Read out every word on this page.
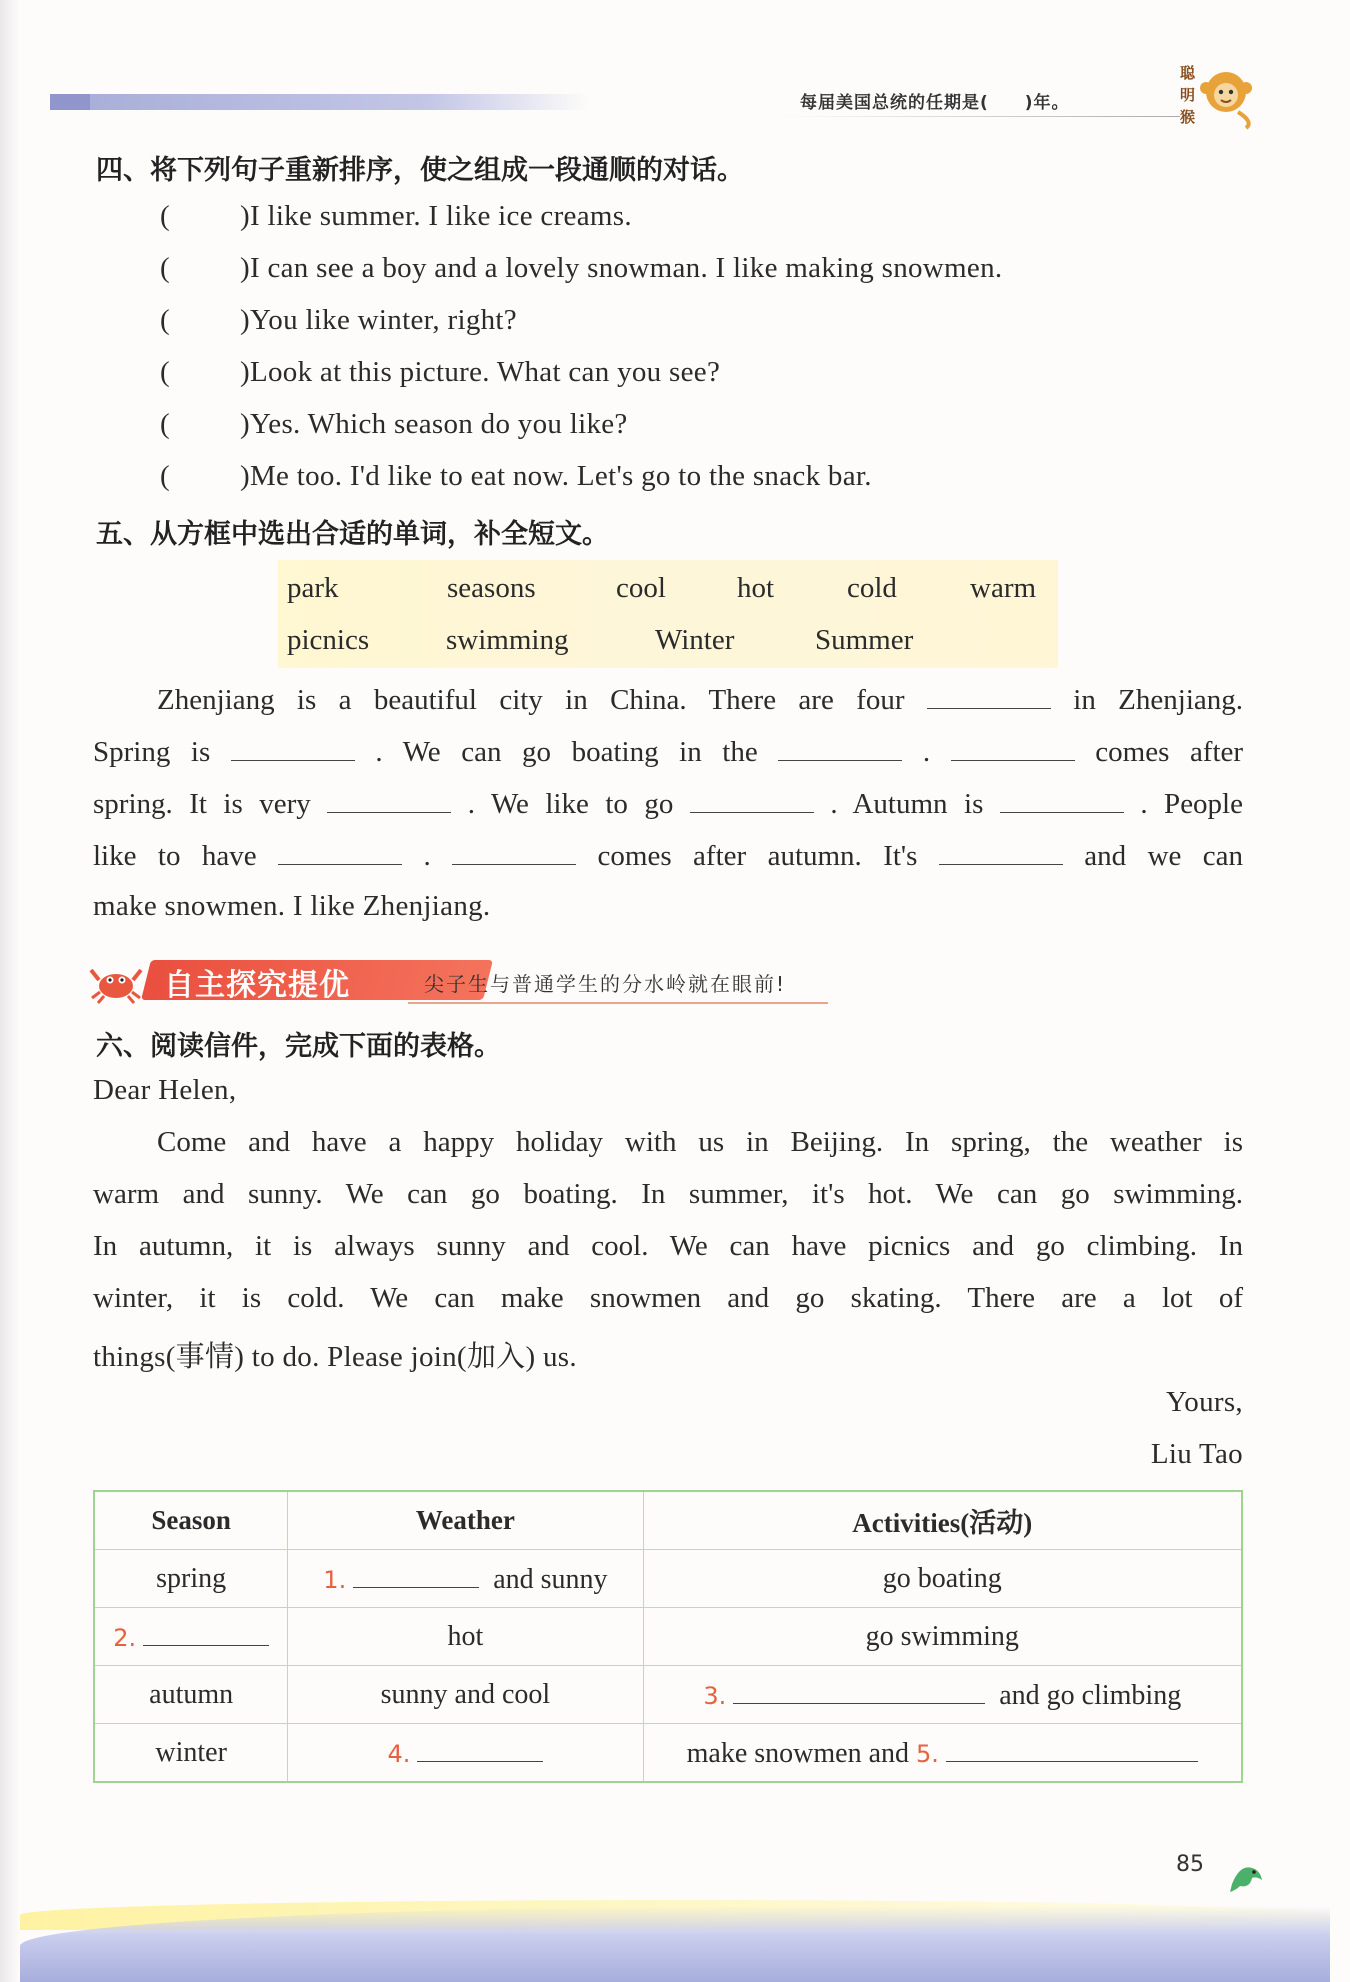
每届美国总统的任期是(　　)年。
聪
明
猴
四、将下列句子重新排序，使之组成一段通顺的对话。
( )I like summer. I like ice creams.
( )I can see a boy and a lovely snowman. I like making snowmen.
( )You like winter, right?
( )Look at this picture. What can you see?
( )Yes. Which season do you like?
( )Me too. I'd like to eat now. Let's go to the snack bar.
五、从方框中选出合适的单词，补全短文。
park	seasons	cool hot	cold	warm
picnics	swimming	Winter	Summer
Zhenjiang is a beautiful city in China. There are four	in Zhenjiang.
Spring is	. We can go boating in the	.	comes after
spring. It is very	. We like to go	. Autumn is	. People
like to have	.	comes after autumn. It's	and we can
make snowmen. I like Zhenjiang.
自主探究提优	尖子生与普通学生的分水岭就在眼前!
六、阅读信件，完成下面的表格。
Dear Helen,
Come and have a happy holiday with us in Beijing. In spring, the weather is
warm and sunny. We can go boating. In summer, it's hot. We can go swimming.
In autumn, it is always sunny and cool. We can have picnics and go climbing. In
winter, it is cold. We can make snowmen and go skating. There are a lot of
things(事情) to do. Please join(加入) us.
Yours,
Liu Tao
Season	Weather	Activities(活动)
spring	1. and sunny	go boating
2.	hot	go swimming
autumn	sunny and cool	3. and go climbing
winter	4.	make snowmen and 5.
85
